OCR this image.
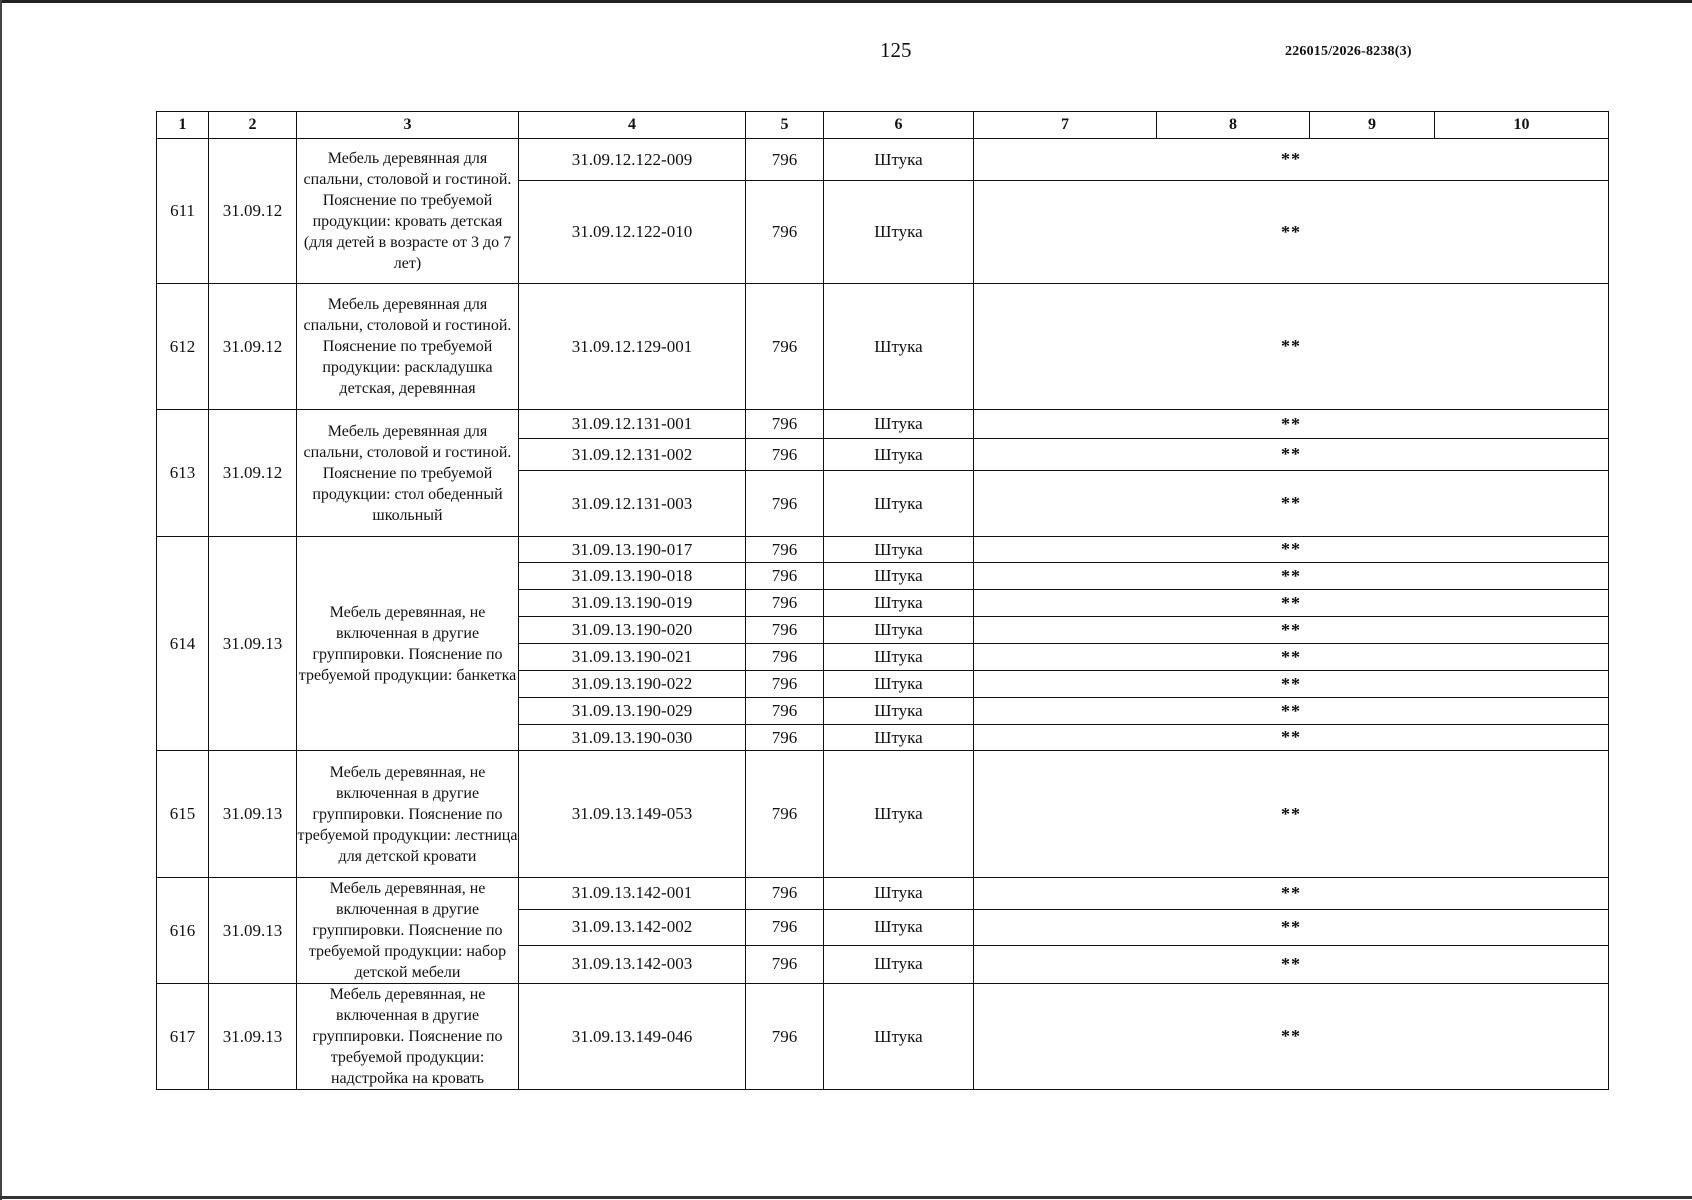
125	226015/2026-8238(3)
1	2	3	4	5	6	7	8	9	10
611	31.09.12	Мебель деревянная для спальни, столовой и гостиной. Пояснение по требуемой продукции: кровать детская (для детей в возрасте от 3 до 7 лет)	31.09.12.122-009	796	Штука	**			
			31.09.12.122-010	796	Штука	**			
612	31.09.12	Мебель деревянная для спальни, столовой и гостиной. Пояснение по требуемой продукции: раскладушка детская, деревянная	31.09.12.129-001	796	Штука	**			
613	31.09.12	Мебель деревянная для спальни, столовой и гостиной. Пояснение по требуемой продукции: стол обеденный школьный	31.09.12.131-001	796	Штука	**			
			31.09.12.131-002	796	Штука	**			
			31.09.12.131-003	796	Штука	**			
614	31.09.13	Мебель деревянная, не включенная в другие группировки. Пояснение по требуемой продукции: банкетка	31.09.13.190-017	796	Штука	**			
			31.09.13.190-018	796	Штука	**			
			31.09.13.190-019	796	Штука	**			
			31.09.13.190-020	796	Штука	**			
			31.09.13.190-021	796	Штука	**			
			31.09.13.190-022	796	Штука	**			
			31.09.13.190-029	796	Штука	**			
			31.09.13.190-030	796	Штука	**			
615	31.09.13	Мебель деревянная, не включенная в другие группировки. Пояснение по требуемой продукции: лестница для детской кровати	31.09.13.149-053	796	Штука	**			
616	31.09.13	Мебель деревянная, не включенная в другие группировки. Пояснение по требуемой продукции: набор детской мебели	31.09.13.142-001	796	Штука	**			
			31.09.13.142-002	796	Штука	**			
			31.09.13.142-003	796	Штука	**			
617	31.09.13	Мебель деревянная, не включенная в другие группировки. Пояснение по требуемой продукции: надстройка на кровать	31.09.13.149-046	796	Штука	**			
